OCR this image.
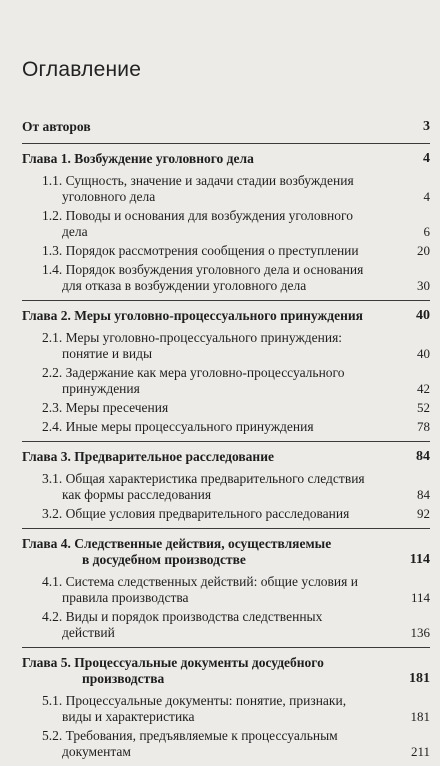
Оглавление
От авторов	3
Глава 1. Возбуждение уголовного дела	4
1.1. Сущность, значение и задачи стадии возбуждения уголовного дела	4
1.2. Поводы и основания для возбуждения уголовного дела	6
1.3. Порядок рассмотрения сообщения о преступлении	20
1.4. Порядок возбуждения уголовного дела и основания для отказа в возбуждении уголовного дела	30
Глава 2. Меры уголовно-процессуального принуждения	40
2.1. Меры уголовно-процессуального принуждения: понятие и виды	40
2.2. Задержание как мера уголовно-процессуального принуждения	42
2.3. Меры пресечения	52
2.4. Иные меры процессуального принуждения	78
Глава 3. Предварительное расследование	84
3.1. Общая характеристика предварительного следствия как формы расследования	84
3.2. Общие условия предварительного расследования	92
Глава 4. Следственные действия, осуществляемые
в досудебном производстве	114
4.1. Система следственных действий: общие условия и правила производства	114
4.2. Виды и порядок производства следственных действий	136
Глава 5. Процессуальные документы досудебного
производства	181
5.1. Процессуальные документы: понятие, признаки, виды и характеристика	181
5.2. Требования, предъявляемые к процессуальным документам	211
